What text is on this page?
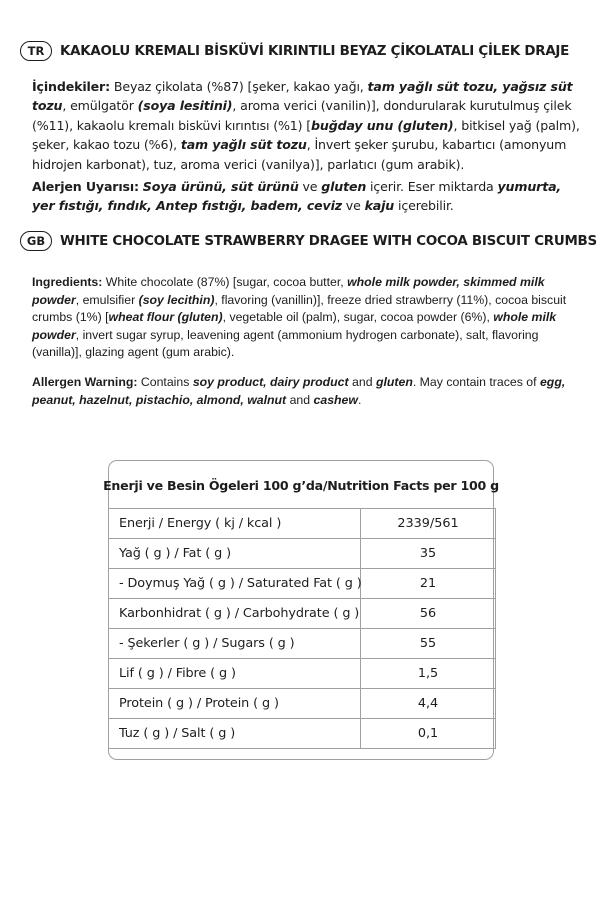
TR	KAKAOLU KREMALI BİSKÜVİ KIRINTILI BEYAZ ÇİKOLATALI ÇİLEK DRAJE

İçindekiler: Beyaz çikolata (%87) [şeker, kakao yağı, tam yağlı süt tozu, yağsız süt tozu, emülgatör (soya lesitini), aroma verici (vanilin)], dondurularak kurutulmuş çilek (%11), kakaolu kremalı bisküvi kırıntısı (%1) [buğday unu (gluten), bitkisel yağ (palm), şeker, kakao tozu (%6), tam yağlı süt tozu, İnvert şeker şurubu, kabartıcı (amonyum hidrojen karbonat), tuz, aroma verici (vanilya)], parlatıcı (gum arabik).

Alerjen Uyarısı: Soya ürünü, süt ürünü ve gluten içerir. Eser miktarda yumurta, yer fıstığı, fındık, Antep fıstığı, badem, ceviz ve kaju içerebilir.

GB	WHITE CHOCOLATE STRAWBERRY DRAGEE WITH COCOA BISCUIT CRUMBS

Ingredients: White chocolate (87%) [sugar, cocoa butter, whole milk powder, skimmed milk powder, emulsifier (soy lecithin), flavoring (vanillin)], freeze dried strawberry (11%), cocoa biscuit crumbs (1%) [wheat flour (gluten), vegetable oil (palm), sugar, cocoa powder (6%), whole milk powder, invert sugar syrup, leavening agent (ammonium hydrogen carbonate), salt, flavoring (vanilla)], glazing agent (gum arabic).

Allergen Warning: Contains soy product, dairy product and gluten. May contain traces of egg, peanut, hazelnut, pistachio, almond, walnut and cashew.

Enerji ve Besin Ögeleri 100 g’da/Nutrition Facts per 100 g
Enerji / Energy ( kj / kcal )	2339/561
Yağ ( g ) / Fat ( g )	35
- Doymuş Yağ ( g ) / Saturated Fat ( g )	21
Karbonhidrat ( g ) / Carbohydrate ( g )	56
- Şekerler ( g ) / Sugars ( g )	55
Lif ( g ) / Fibre ( g )	1,5
Protein ( g ) / Protein ( g )	4,4
Tuz ( g ) / Salt ( g )	0,1
